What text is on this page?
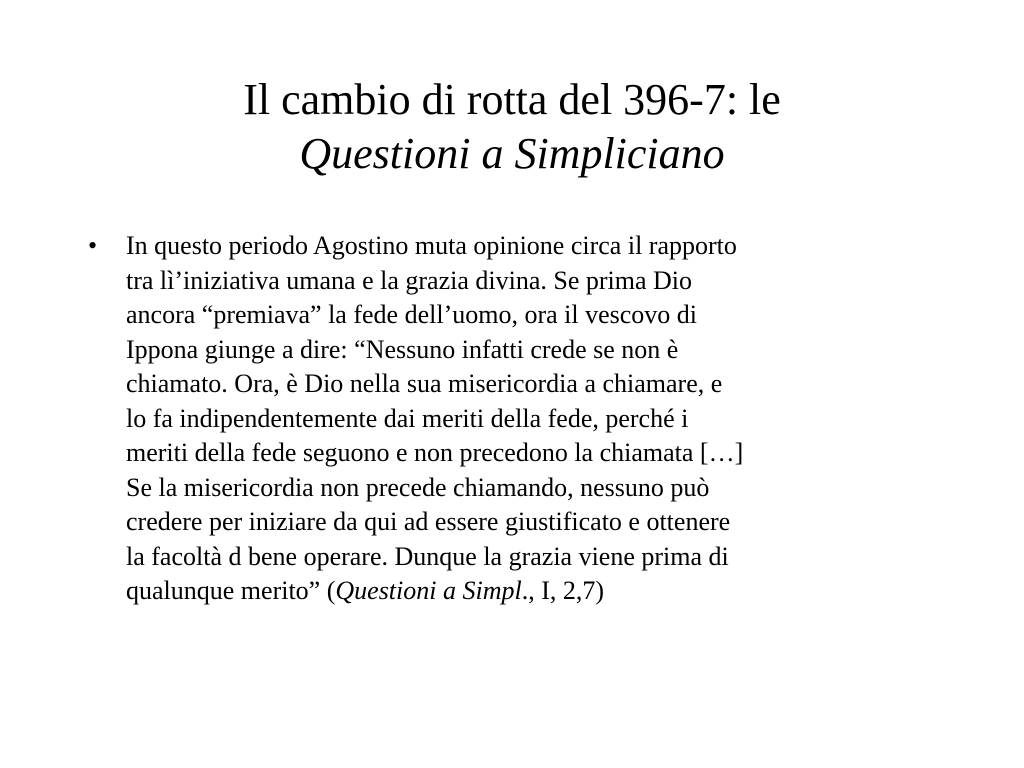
Il cambio di rotta del 396-7: le
Questioni a Simpliciano
• In questo periodo Agostino muta opinione circa il rapporto
tra lì’iniziativa umana e la grazia divina. Se prima Dio
ancora “premiava” la fede dell’uomo, ora il vescovo di
Ippona giunge a dire: “Nessuno infatti crede se non è
chiamato. Ora, è Dio nella sua misericordia a chiamare, e
lo fa indipendentemente dai meriti della fede, perché i
meriti della fede seguono e non precedono la chiamata […]
Se la misericordia non precede chiamando, nessuno può
credere per iniziare da qui ad essere giustificato e ottenere
la facoltà d bene operare. Dunque la grazia viene prima di
qualunque merito” (Questioni a Simpl., I, 2,7)
